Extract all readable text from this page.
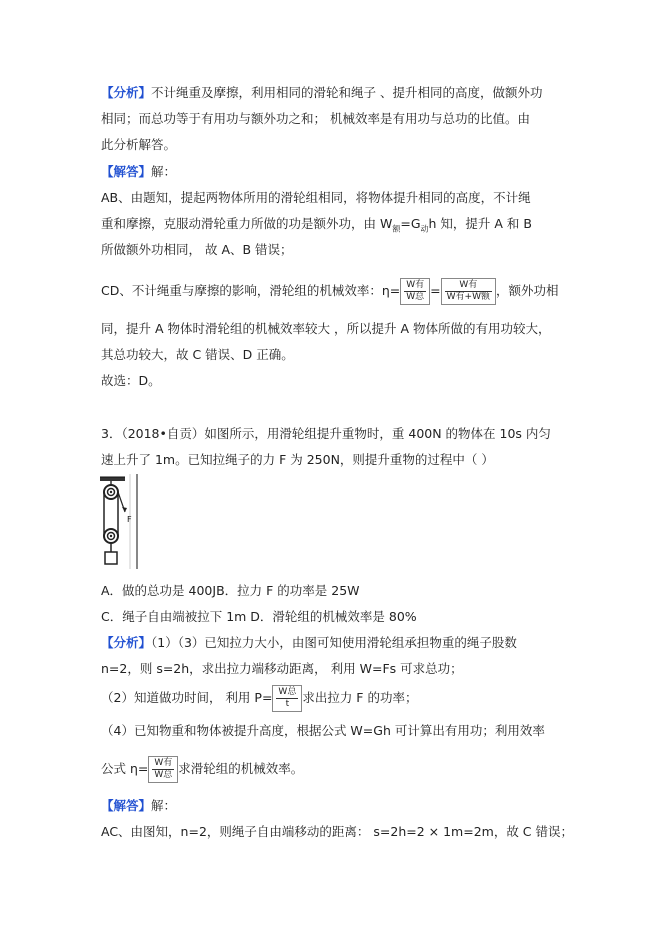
【分析】不计绳重及摩擦，利用相同的滑轮和绳子 、提升相同的高度，做额外功
相同；而总功等于有用功与额外功之和； 机械效率是有用功与总功的比值。由
此分析解答。
【解答】解：
AB、由题知，提起两物体所用的滑轮组相同，将物体提升相同的高度，不计绳
重和摩擦，克服动滑轮重力所做的功是额外功，由 $W_额=G_动h$ 知，提升 A 和 B
所做额外功相同， 故 A、B 错误；
CD、不计绳重与摩擦的影响，滑轮组的机械效率：$\eta= \frac{\text{W有}}{\text{W总}} = \frac{\text{W有}}{\text{W有+W额}}$ ，额外功相
同，提升 A 物体时滑轮组的机械效率较大 ，所以提升 A 物体所做的有用功较大，
其总功较大，故 C 错误、D 正确。
故选：D。
3．（2018•自贡）如图所示，用滑轮组提升重物时，重 400N 的物体在 10s 内匀
速上升了 1m。已知拉绳子的力 F 为 250N，则提升重物的过程中（ ）
F
A．做的总功是 400JB．拉力 F 的功率是 25W
C．绳子自由端被拉下 1m D．滑轮组的机械效率是 80%
【分析】（1）（3）已知拉力大小，由图可知使用滑轮组承担物重的绳子股数
n=2，则 s=2h，求出拉力端移动距离， 利用 W=Fs 可求总功；
（2）知道做功时间， 利用 $P= \frac{\text{W总}}{t}$ 求出拉力 F 的功率；
（4）已知物重和物体被提升高度，根据公式 W=Gh 可计算出有用功；利用效率
公式 $\eta= \frac{\text{W有}}{\text{W总}}$ 求滑轮组的机械效率。
【解答】解：
AC、由图知，n=2，则绳子自由端移动的距离： s=2h=2 × 1m=2m，故 C 错误；
